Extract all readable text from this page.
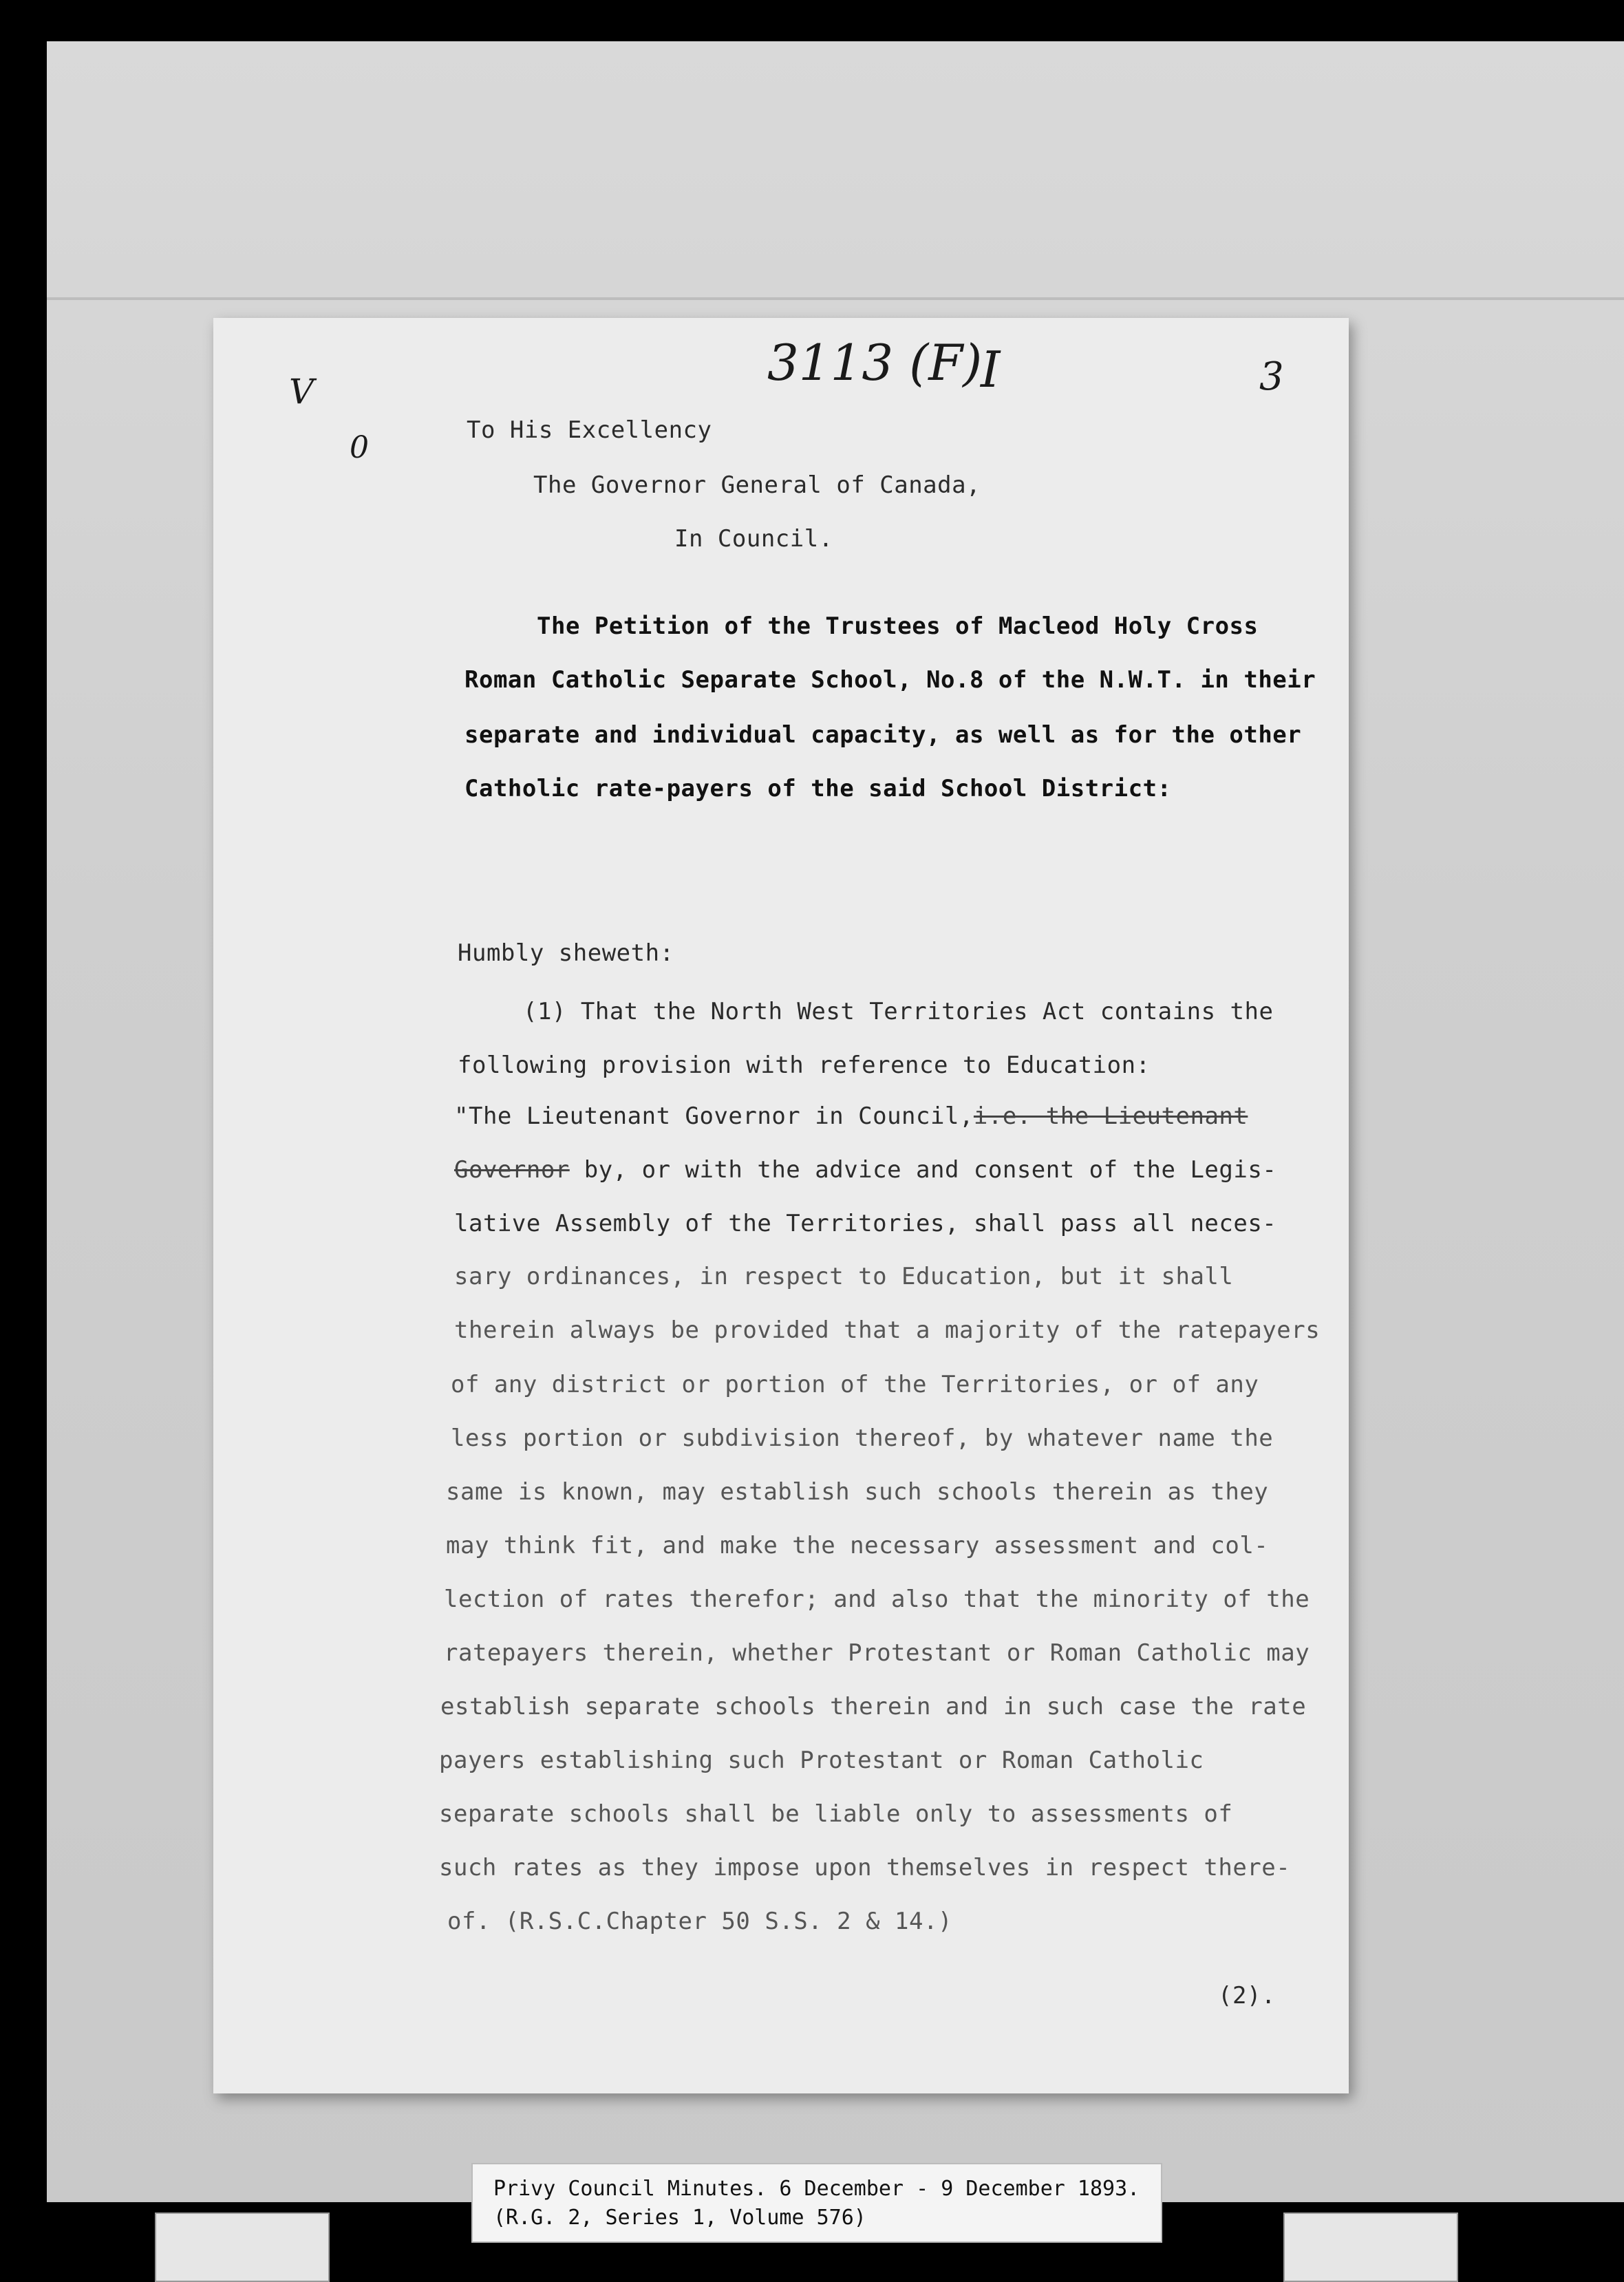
3113 (F)
I	3
V
0	To His Excellency
The Governor General of Canada,
In Council.
The Petition of the Trustees of Macleod Holy Cross
Roman Catholic Separate School, No.8 of the N.W.T. in their
separate and individual capacity, as well as for the other
Catholic rate-payers of the said School District:
Humbly sheweth:
(1) That the North West Territories Act contains the
following provision with reference to Education:
"The Lieutenant Governor in Council,i.e. the Lieutenant
Governor by, or with the advice and consent of the Legis-
lative Assembly of the Territories, shall pass all neces-
sary ordinances, in respect to Education, but it shall
therein always be provided that a majority of the ratepayers
of any district or portion of the Territories, or of any
less portion or subdivision thereof, by whatever name the
same is known, may establish such schools therein as they
may think fit, and make the necessary assessment and col-
lection of rates therefor; and also that the minority of the
ratepayers therein, whether Protestant or Roman Catholic may
establish separate schools therein and in such case the rate
payers establishing such Protestant or Roman Catholic
separate schools shall be liable only to assessments of
such rates as they impose upon themselves in respect there-
of. (R.S.C.Chapter 50 S.S. 2 & 14.)
(2).
Privy Council Minutes. 6 December - 9 December 1893.
(R.G. 2, Series 1, Volume 576)
